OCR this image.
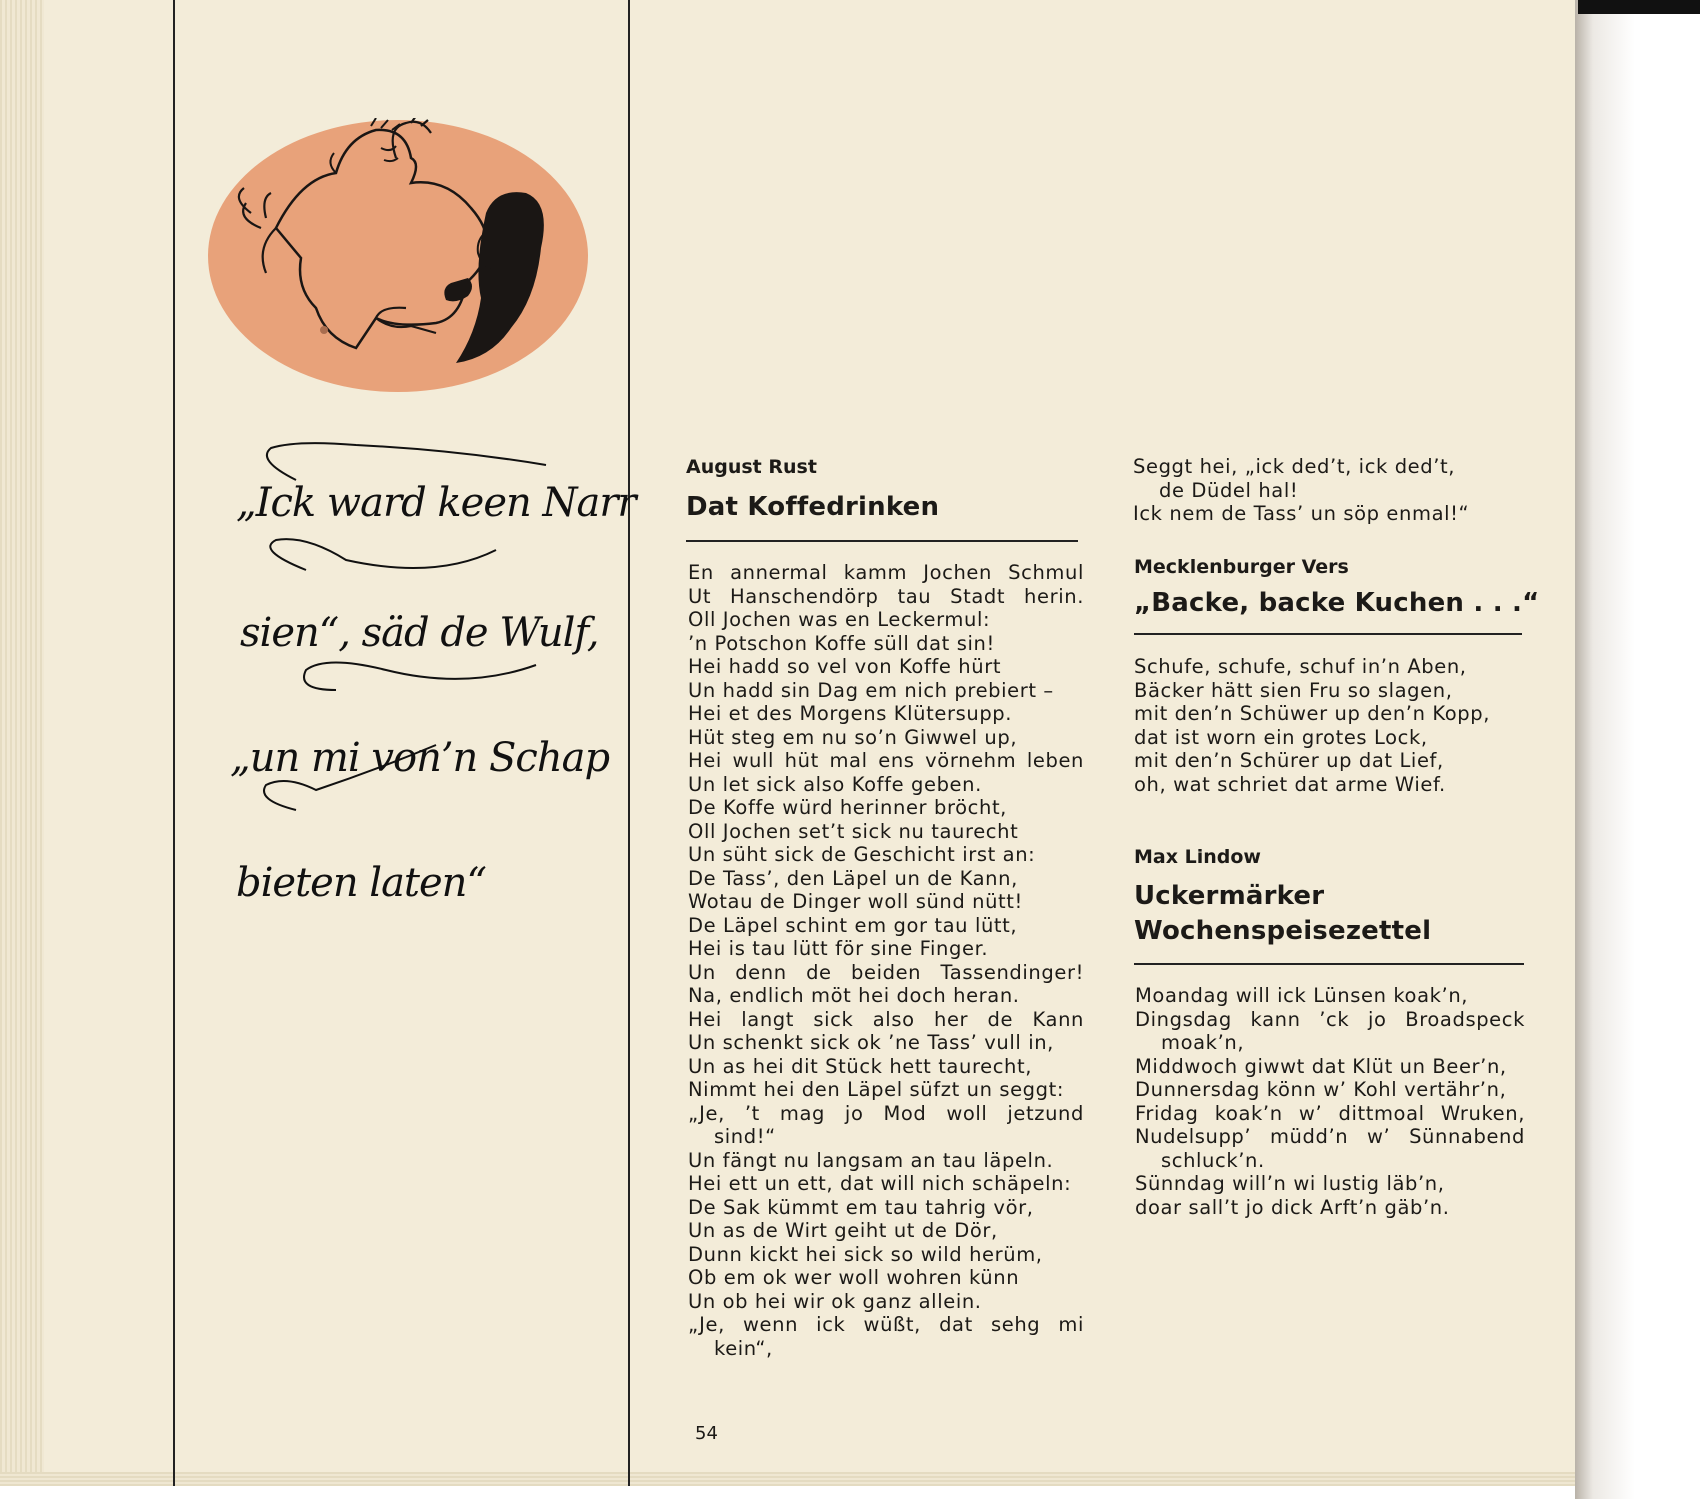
„Ick ward keen Narr
sien“, säd de Wulf,
„un mi von’n Schap
bieten laten“
August Rust
Dat Koffedrinken
En annermal kamm Jochen Schmul
Ut Hanschendörp tau Stadt herin.
Oll Jochen was en Leckermul:
’n Potschon Koffe süll dat sin!
Hei hadd so vel von Koffe hürt
Un hadd sin Dag em nich prebiert –
Hei et des Morgens Klütersupp.
Hüt steg em nu so’n Giwwel up,
Hei wull hüt mal ens vörnehm leben
Un let sick also Koffe geben.
De Koffe würd herinner bröcht,
Oll Jochen set’t sick nu taurecht
Un süht sick de Geschicht irst an:
De Tass’, den Läpel un de Kann,
Wotau de Dinger woll sünd nütt!
De Läpel schint em gor tau lütt,
Hei is tau lütt för sine Finger.
Un denn de beiden Tassendinger!
Na, endlich möt hei doch heran.
Hei langt sick also her de Kann
Un schenkt sick ok ’ne Tass’ vull in,
Un as hei dit Stück hett taurecht,
Nimmt hei den Läpel süfzt un seggt:
„Je, ’t mag jo Mod woll jetzund
sind!“
Un fängt nu langsam an tau läpeln.
Hei ett un ett, dat will nich schäpeln:
De Sak kümmt em tau tahrig vör,
Un as de Wirt geiht ut de Dör,
Dunn kickt hei sick so wild herüm,
Ob em ok wer woll wohren künn
Un ob hei wir ok ganz allein.
„Je, wenn ick wüßt, dat sehg mi
kein“,
Seggt hei, „ick ded’t, ick ded’t,
de Düdel hal!
Ick nem de Tass’ un söp enmal!“
Mecklenburger Vers
„Backe, backe Kuchen . . .“
Schufe, schufe, schuf in’n Aben,
Bäcker hätt sien Fru so slagen,
mit den’n Schüwer up den’n Kopp,
dat ist worn ein grotes Lock,
mit den’n Schürer up dat Lief,
oh, wat schriet dat arme Wief.
Max Lindow
Uckermärker
Wochenspeisezettel
Moandag will ick Lünsen koak’n,
Dingsdag kann ’ck jo Broadspeck
moak’n,
Middwoch giwwt dat Klüt un Beer’n,
Dunnersdag könn w’ Kohl vertähr’n,
Fridag koak’n w’ dittmoal Wruken,
Nudelsupp’ müdd’n w’ Sünnabend
schluck’n.
Sünndag will’n wi lustig läb’n,
doar sall’t jo dick Arft’n gäb’n.
54
